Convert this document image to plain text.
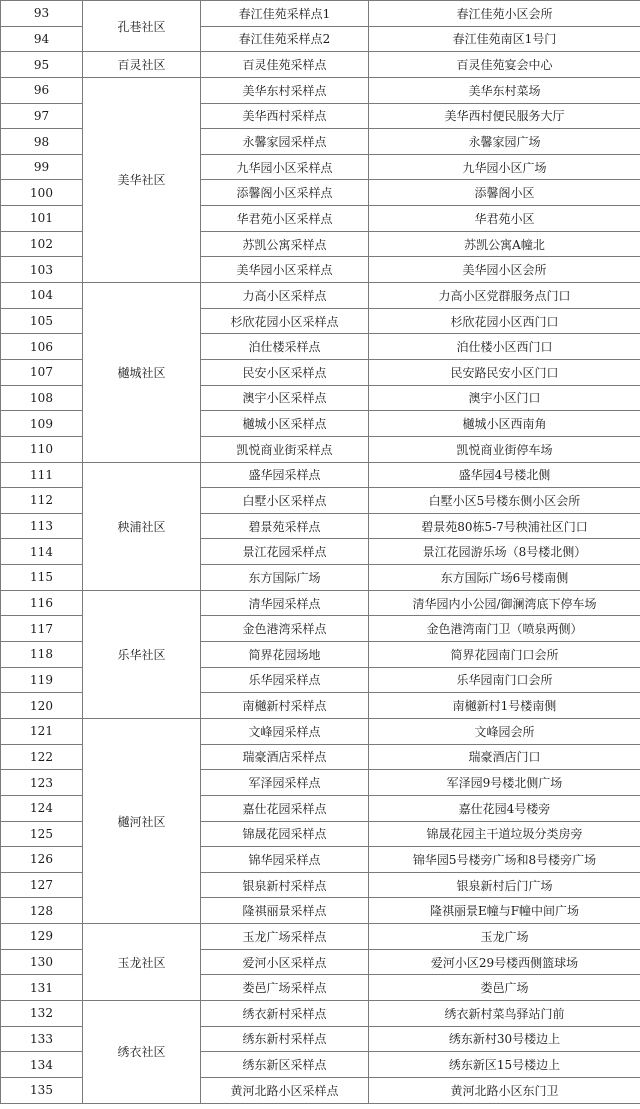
93	孔巷社区	春江佳苑采样点1	春江佳苑小区会所
94		春江佳苑采样点2	春江佳苑南区1号门
95	百灵社区	百灵佳苑采样点	百灵佳苑宴会中心
96	美华社区	美华东村采样点	美华东村菜场
97		美华西村采样点	美华西村便民服务大厅
98		永馨家园采样点	永馨家园广场
99		九华园小区采样点	九华园小区广场
100		添馨阁小区采样点	添馨阁小区
101		华君苑小区采样点	华君苑小区
102		苏凯公寓采样点	苏凯公寓A幢北
103		美华园小区采样点	美华园小区会所
104	樾城社区	力高小区采样点	力高小区党群服务点门口
105		杉欣花园小区采样点	杉欣花园小区西门口
106		泊仕楼采样点	泊仕楼小区西门口
107		民安小区采样点	民安路民安小区门口
108		澳宇小区采样点	澳宇小区门口
109		樾城小区采样点	樾城小区西南角
110		凯悦商业街采样点	凯悦商业街停车场
111	秧浦社区	盛华园采样点	盛华园4号楼北侧
112		白墅小区采样点	白墅小区5号楼东侧小区会所
113		碧景苑采样点	碧景苑80栋5-7号秧浦社区门口
114		景江花园采样点	景江花园游乐场（8号楼北侧）
115		东方国际广场	东方国际广场6号楼南侧
116	乐华社区	清华园采样点	清华园内小公园/御澜湾底下停车场
117		金色港湾采样点	金色港湾南门卫（喷泉两侧）
118		简界花园场地	简界花园南门口会所
119		乐华园采样点	乐华园南门口会所
120		南樾新村采样点	南樾新村1号楼南侧
121	樾河社区	文峰园采样点	文峰园会所
122		瑞豪酒店采样点	瑞豪酒店门口
123		军泽园采样点	军泽园9号楼北侧广场
124		嘉仕花园采样点	嘉仕花园4号楼旁
125		锦晟花园采样点	锦晟花园主干道垃圾分类房旁
126		锦华园采样点	锦华园5号楼旁广场和8号楼旁广场
127		银泉新村采样点	银泉新村后门广场
128		隆祺丽景采样点	隆祺丽景E幢与F幢中间广场
129	玉龙社区	玉龙广场采样点	玉龙广场
130		爱河小区采样点	爱河小区29号楼西侧篮球场
131		娄邑广场采样点	娄邑广场
132	绣衣社区	绣衣新村采样点	绣衣新村菜鸟驿站门前
133		绣东新村采样点	绣东新村30号楼边上
134		绣东新区采样点	绣东新区15号楼边上
135		黄河北路小区采样点	黄河北路小区东门卫
